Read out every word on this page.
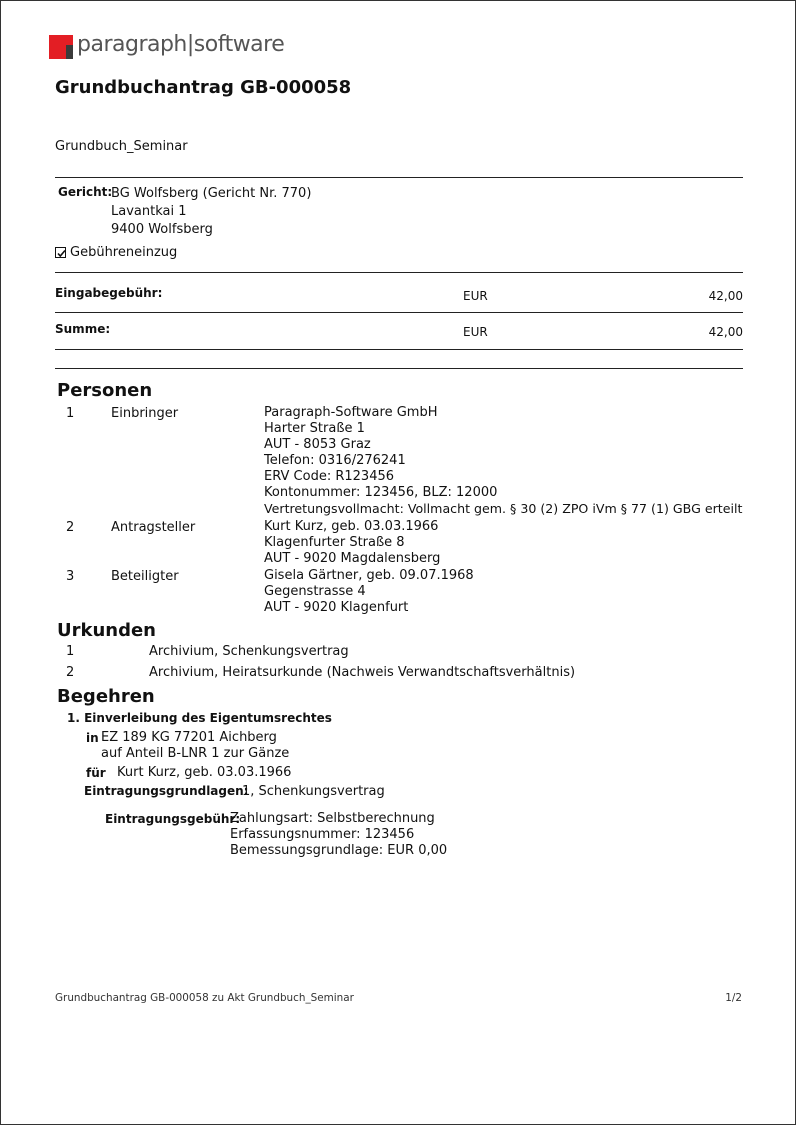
paragraph|software
Grundbuchantrag GB-000058
Grundbuch_Seminar
Gericht:
BG Wolfsberg (Gericht Nr. 770)
Lavantkai 1
9400 Wolfsberg
Gebühreneinzug
Eingabegebühr:	EUR	42,00
Summe:	EUR	42,00
Personen
1	Einbringer	Paragraph-Software GmbH
Harter Straße 1
AUT - 8053 Graz
Telefon: 0316/276241
ERV Code: R123456
Kontonummer: 123456, BLZ: 12000
Vertretungsvollmacht: Vollmacht gem. § 30 (2) ZPO iVm § 77 (1) GBG erteilt
2	Antragsteller	Kurt Kurz, geb. 03.03.1966
Klagenfurter Straße 8
AUT - 9020 Magdalensberg
3	Beteiligter	Gisela Gärtner, geb. 09.07.1968
Gegenstrasse 4
AUT - 9020 Klagenfurt
Urkunden
1	Archivium, Schenkungsvertrag
2	Archivium, Heiratsurkunde (Nachweis Verwandtschaftsverhältnis)
Begehren
1. Einverleibung des Eigentumsrechtes
in EZ 189 KG 77201 Aichberg
auf Anteil B-LNR 1 zur Gänze
für Kurt Kurz, geb. 03.03.1966
Eintragungsgrundlagen:
1, Schenkungsvertrag
Eintragungsgebühr:
Zahlungsart: Selbstberechnung
Erfassungsnummer: 123456
Bemessungsgrundlage: EUR 0,00
Grundbuchantrag GB-000058 zu Akt Grundbuch_Seminar	1/2
